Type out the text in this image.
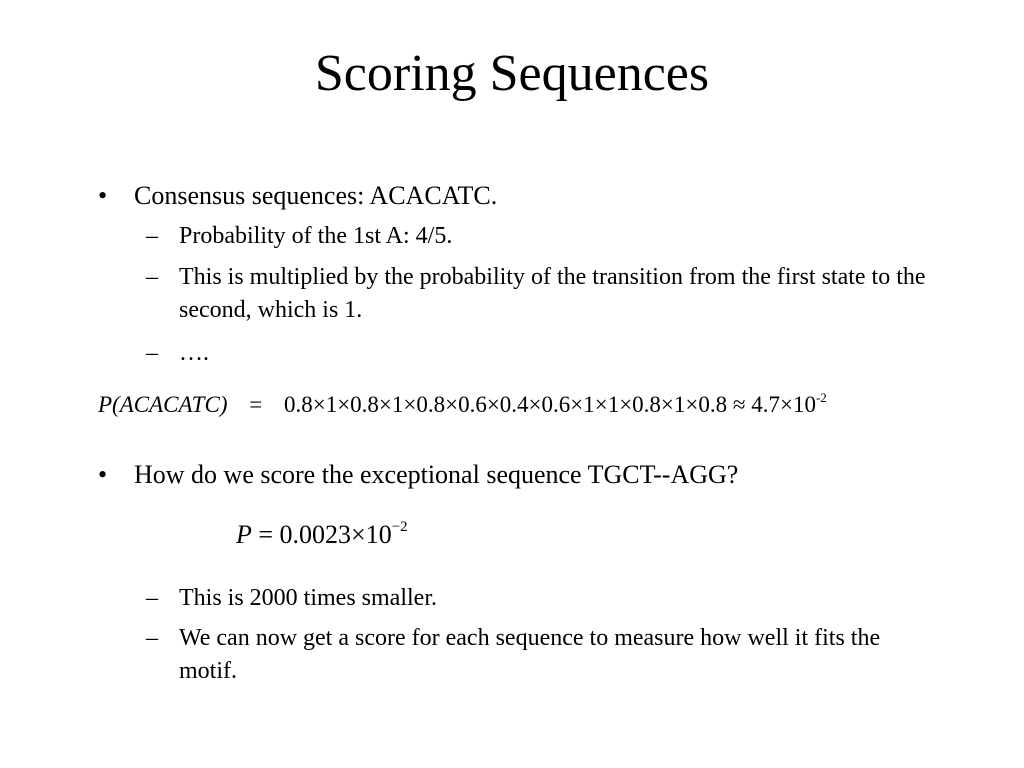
Scoring Sequences
• Consensus sequences: ACACATC.
– Probability of the 1st A: 4/5.
– This is multiplied by the probability of the transition from the first state to the second, which is 1.
– ….
P(ACACATC) = $0.8\times 1\times 0.8\times 1\times 0.8\times 0.6\times 0.4\times 0.6\times 1\times 1\times 0.8\times 1\times 0.8 \approx 4.7\times 10^{-2}$
• How do we score the exceptional sequence TGCT--AGG?
$P = 0.0023\times 10^{-2}$
– This is 2000 times smaller.
– We can now get a score for each sequence to measure how well it fits the motif.
